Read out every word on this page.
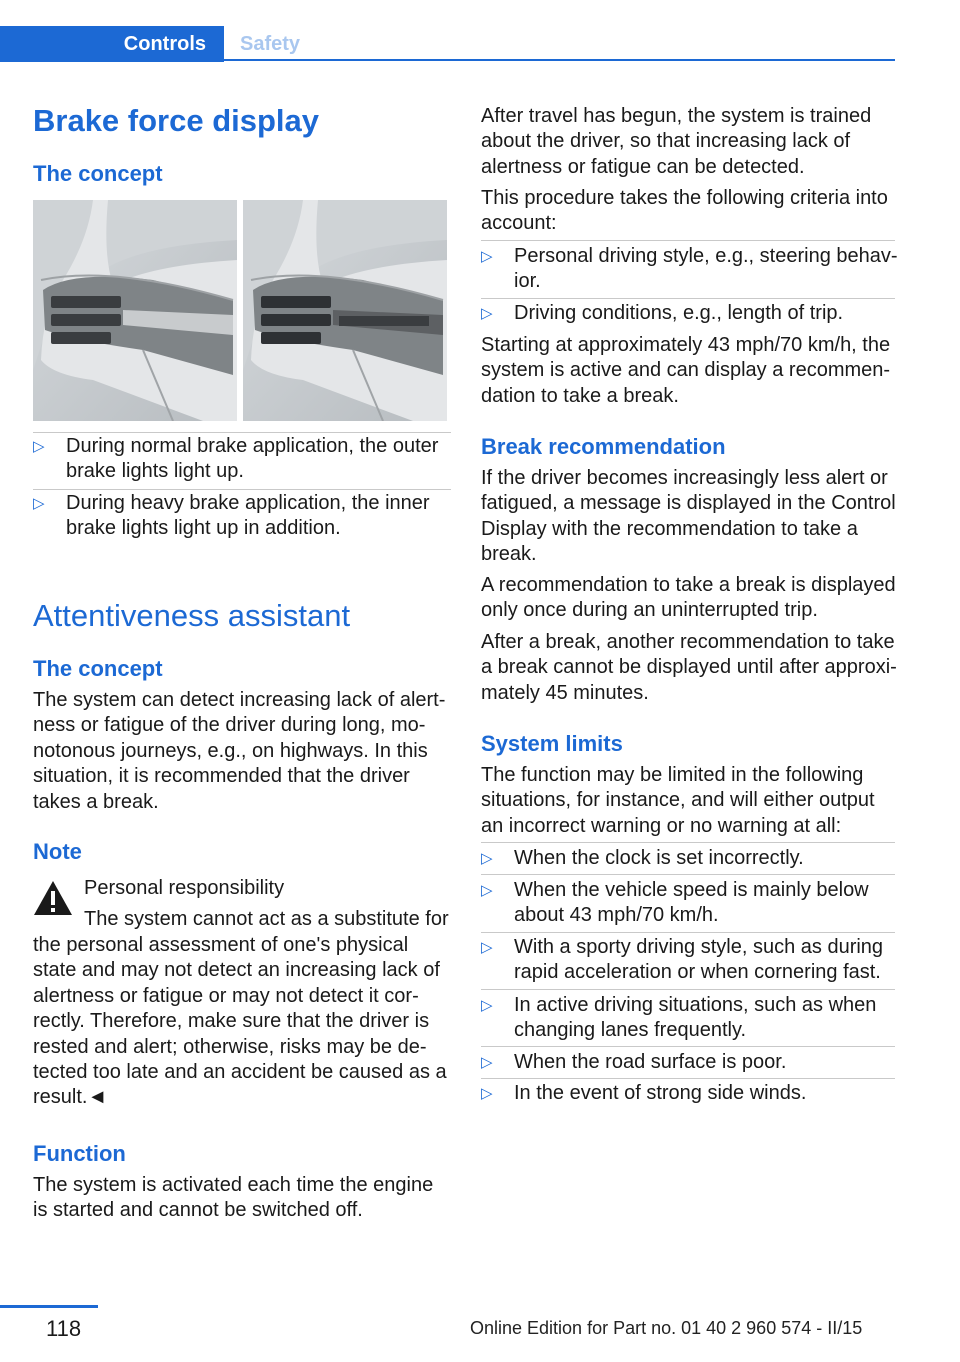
Controls Safety
Brake force display
The concept
▷ During normal brake application, the outer brake lights light up.
▷ During heavy brake application, the inner brake lights light up in addition.
Attentiveness assistant
The concept

The system can detect increasing lack of alert- ness or fatigue of the driver during long, mo- notonous journeys, e.g., on highways. In this situation, it is recommended that the driver takes a break.

Note

Personal responsibility

The system cannot act as a substitute for

the personal assessment of one's physical state and may not detect an increasing lack of alertness or fatigue or may not detect it cor- rectly. Therefore, make sure that the driver is rested and alert; otherwise, risks may be de- tected too late and an accident be caused as a result.◄

Function

The system is activated each time the engine is started and cannot be switched off.

After travel has begun, the system is trained about the driver, so that increasing lack of alertness or fatigue can be detected.

This procedure takes the following criteria into account:

▷ Personal driving style, e.g., steering behav- ior.
▷ Driving conditions, e.g., length of trip.

Starting at approximately 43 mph/70 km/h, the system is active and can display a recommen- dation to take a break.

Break recommendation

If the driver becomes increasingly less alert or fatigued, a message is displayed in the Control Display with the recommendation to take a break.

A recommendation to take a break is displayed only once during an uninterrupted trip.

After a break, another recommendation to take a break cannot be displayed until after approxi- mately 45 minutes.

System limits

The function may be limited in the following situations, for instance, and will either output an incorrect warning or no warning at all:

▷ When the clock is set incorrectly.
▷ When the vehicle speed is mainly below about 43 mph/70 km/h.
▷ With a sporty driving style, such as during rapid acceleration or when cornering fast.
▷ In active driving situations, such as when changing lanes frequently.
▷ When the road surface is poor.
▷ In the event of strong side winds.
118	Online Edition for Part no. 01 40 2 960 574 - II/15
